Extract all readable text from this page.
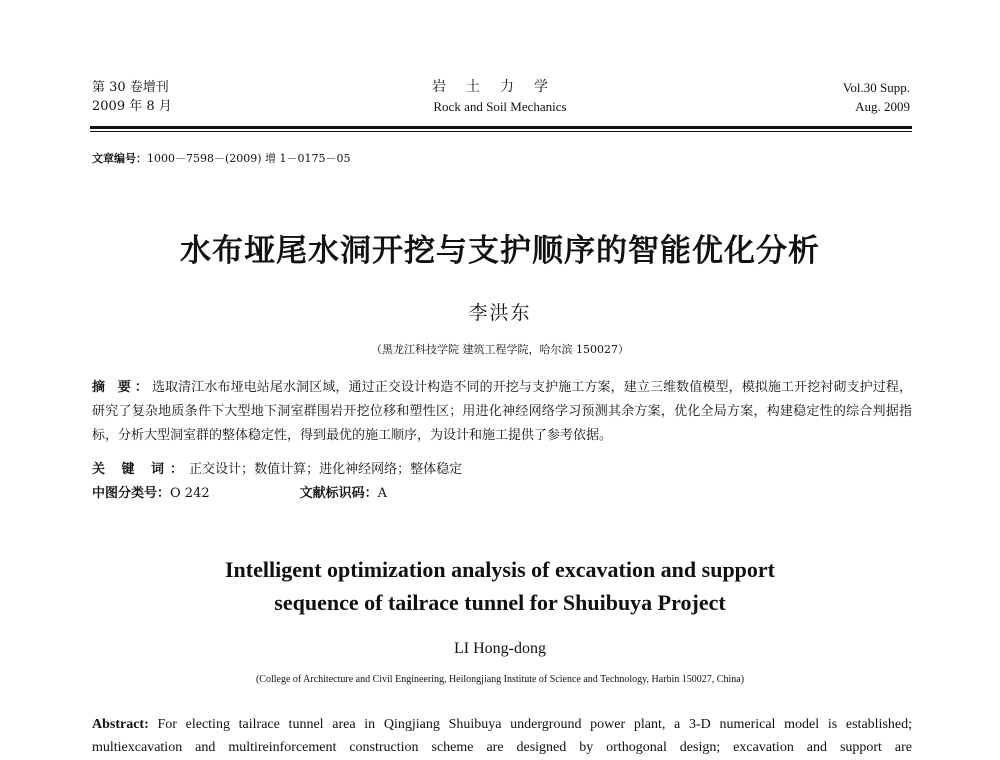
第 30 卷增刊
2009 年 8 月
岩土力学
Rock and Soil Mechanics
Vol.30 Supp.
Aug. 2009
文章编号：1000－7598－(2009) 增 1－0175－05
水布垭尾水洞开挖与支护顺序的智能优化分析
李洪东
（黑龙江科技学院 建筑工程学院，哈尔滨 150027）
摘 要：选取清江水布垭电站尾水洞区域，通过正交设计构造不同的开挖与支护施工方案，建立三维数值模型，模拟施工开挖衬砌支护过程，研究了复杂地质条件下大型地下洞室群围岩开挖位移和塑性区；用进化神经网络学习预测其余方案，优化全局方案，构建稳定性的综合判据指标，分析大型洞室群的整体稳定性，得到最优的施工顺序，为设计和施工提供了参考依据。
关 键 词：正交设计；数值计算；进化神经网络；整体稳定
中图分类号：O 242	文献标识码：A
Intelligent optimization analysis of excavation and support
sequence of tailrace tunnel for Shuibuya Project
LI Hong-dong
(College of Architecture and Civil Engineering, Heilongjiang Institute of Science and Technology, Harbin 150027, China)
Abstract: For electing tailrace tunnel area in Qingjiang Shuibuya underground power plant, a 3-D numerical model is established; multiexcavation and multireinforcement construction scheme are designed by orthogonal design; excavation and support are
